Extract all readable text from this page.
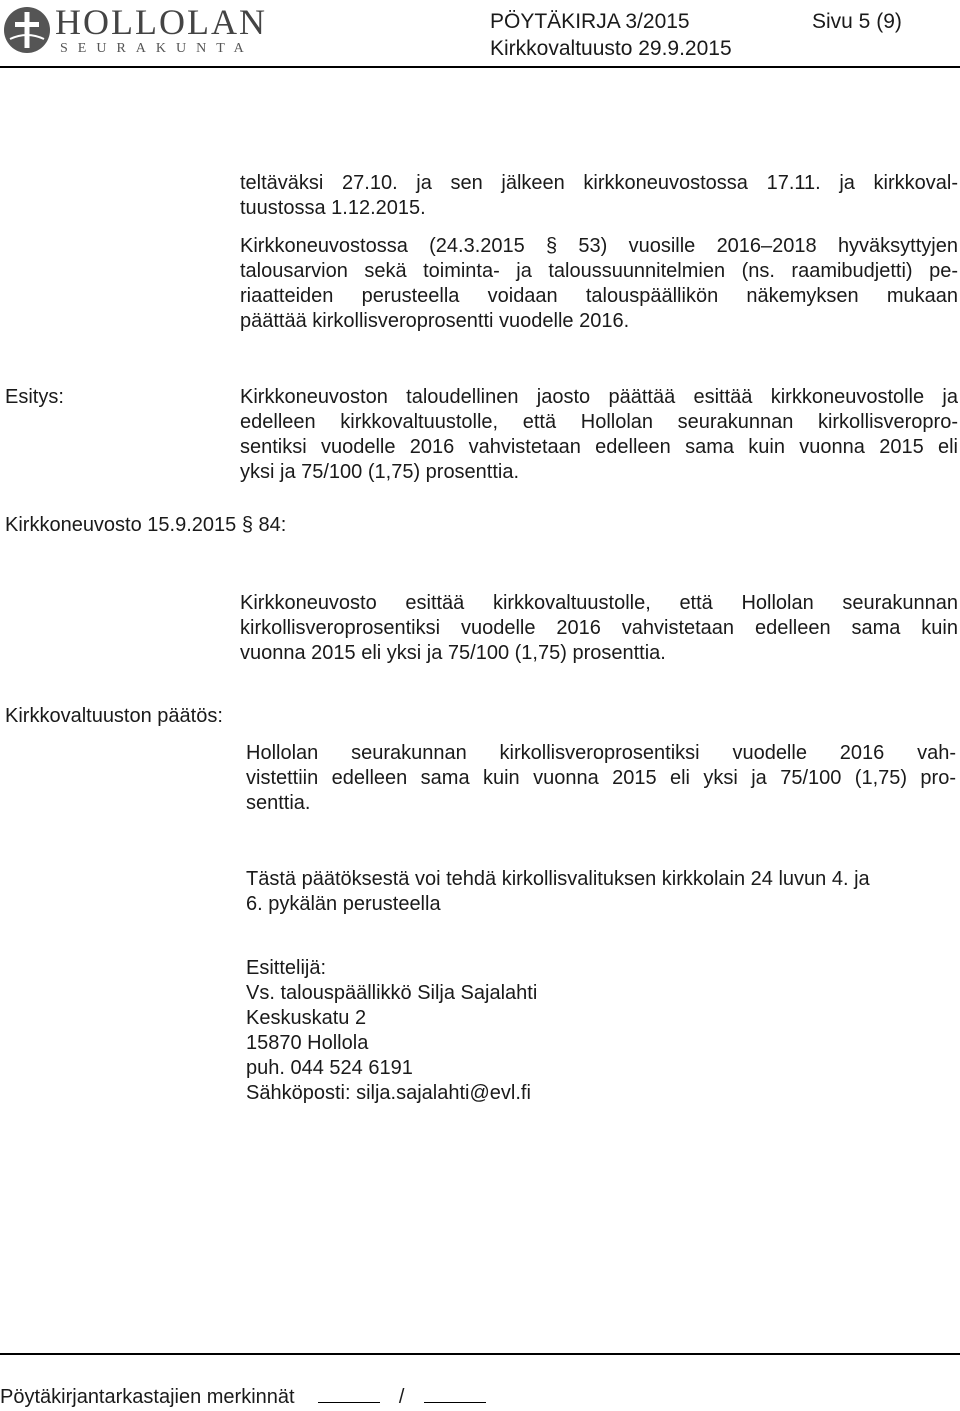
HOLLOLAN
SEURAKUNTA
PÖYTÄKIRJA 3/2015	Sivu 5 (9)
Kirkkovaltuusto 29.9.2015
teltäväksi 27.10. ja sen jälkeen kirkkoneuvostossa 17.11. ja kirkkoval-
tuustossa 1.12.2015.
Kirkkoneuvostossa (24.3.2015 § 53) vuosille 2016–2018 hyväksyttyjen
talousarvion sekä toiminta- ja taloussuunnitelmien (ns. raamibudjetti) pe-
riaatteiden perusteella voidaan talouspäällikön näkemyksen mukaan
päättää kirkollisveroprosentti vuodelle 2016.
Esitys:	Kirkkoneuvoston taloudellinen jaosto päättää esittää kirkkoneuvostolle ja
edelleen kirkkovaltuustolle, että Hollolan seurakunnan kirkollisveropro-
sentiksi vuodelle 2016 vahvistetaan edelleen sama kuin vuonna 2015 eli
yksi ja 75/100 (1,75) prosenttia.
Kirkkoneuvosto 15.9.2015 § 84:
Kirkkoneuvosto esittää kirkkovaltuustolle, että Hollolan seurakunnan
kirkollisveroprosentiksi vuodelle 2016 vahvistetaan edelleen sama kuin
vuonna 2015 eli yksi ja 75/100 (1,75) prosenttia.
Kirkkovaltuuston päätös:
Hollolan seurakunnan kirkollisveroprosentiksi vuodelle 2016 vah-
vistettiin edelleen sama kuin vuonna 2015 eli yksi ja 75/100 (1,75) pro-
senttia.
Tästä päätöksestä voi tehdä kirkollisvalituksen kirkkolain 24 luvun 4. ja
6. pykälän perusteella
Esittelijä:
Vs. talouspäällikkö Silja Sajalahti
Keskuskatu 2
15870 Hollola
puh. 044 524 6191
Sähköposti: silja.sajalahti@evl.fi
Pöytäkirjantarkastajien merkinnät	/
